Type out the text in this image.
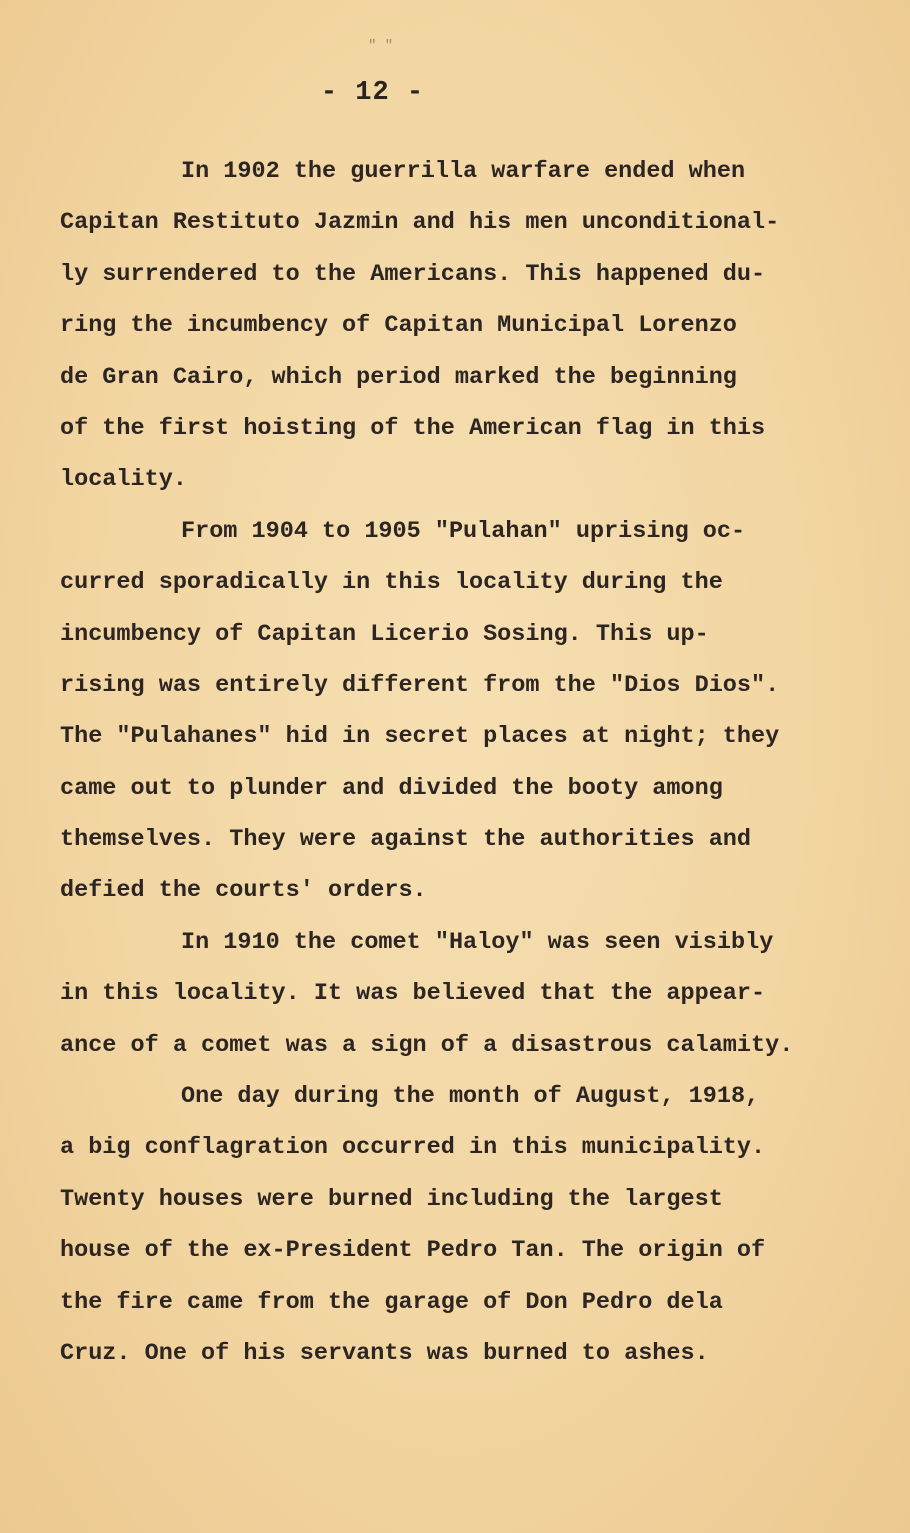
" "
- 12 -
In 1902 the guerrilla warfare ended when
Capitan Restituto Jazmin and his men unconditional-
ly surrendered to the Americans. This happened du-
ring the incumbency of Capitan Municipal Lorenzo
de Gran Cairo, which period marked the beginning
of the first hoisting of the American flag in this
locality.
From 1904 to 1905 "Pulahan" uprising oc-
curred sporadically in this locality during the
incumbency of Capitan Licerio Sosing. This up-
rising was entirely different from the "Dios Dios".
The "Pulahanes" hid in secret places at night; they
came out to plunder and divided the booty among
themselves. They were against the authorities and
defied the courts' orders.
In 1910 the comet "Haloy" was seen visibly
in this locality. It was believed that the appear-
ance of a comet was a sign of a disastrous calamity.
One day during the month of August, 1918,
a big conflagration occurred in this municipality.
Twenty houses were burned including the largest
house of the ex-President Pedro Tan. The origin of
the fire came from the garage of Don Pedro dela
Cruz. One of his servants was burned to ashes.
